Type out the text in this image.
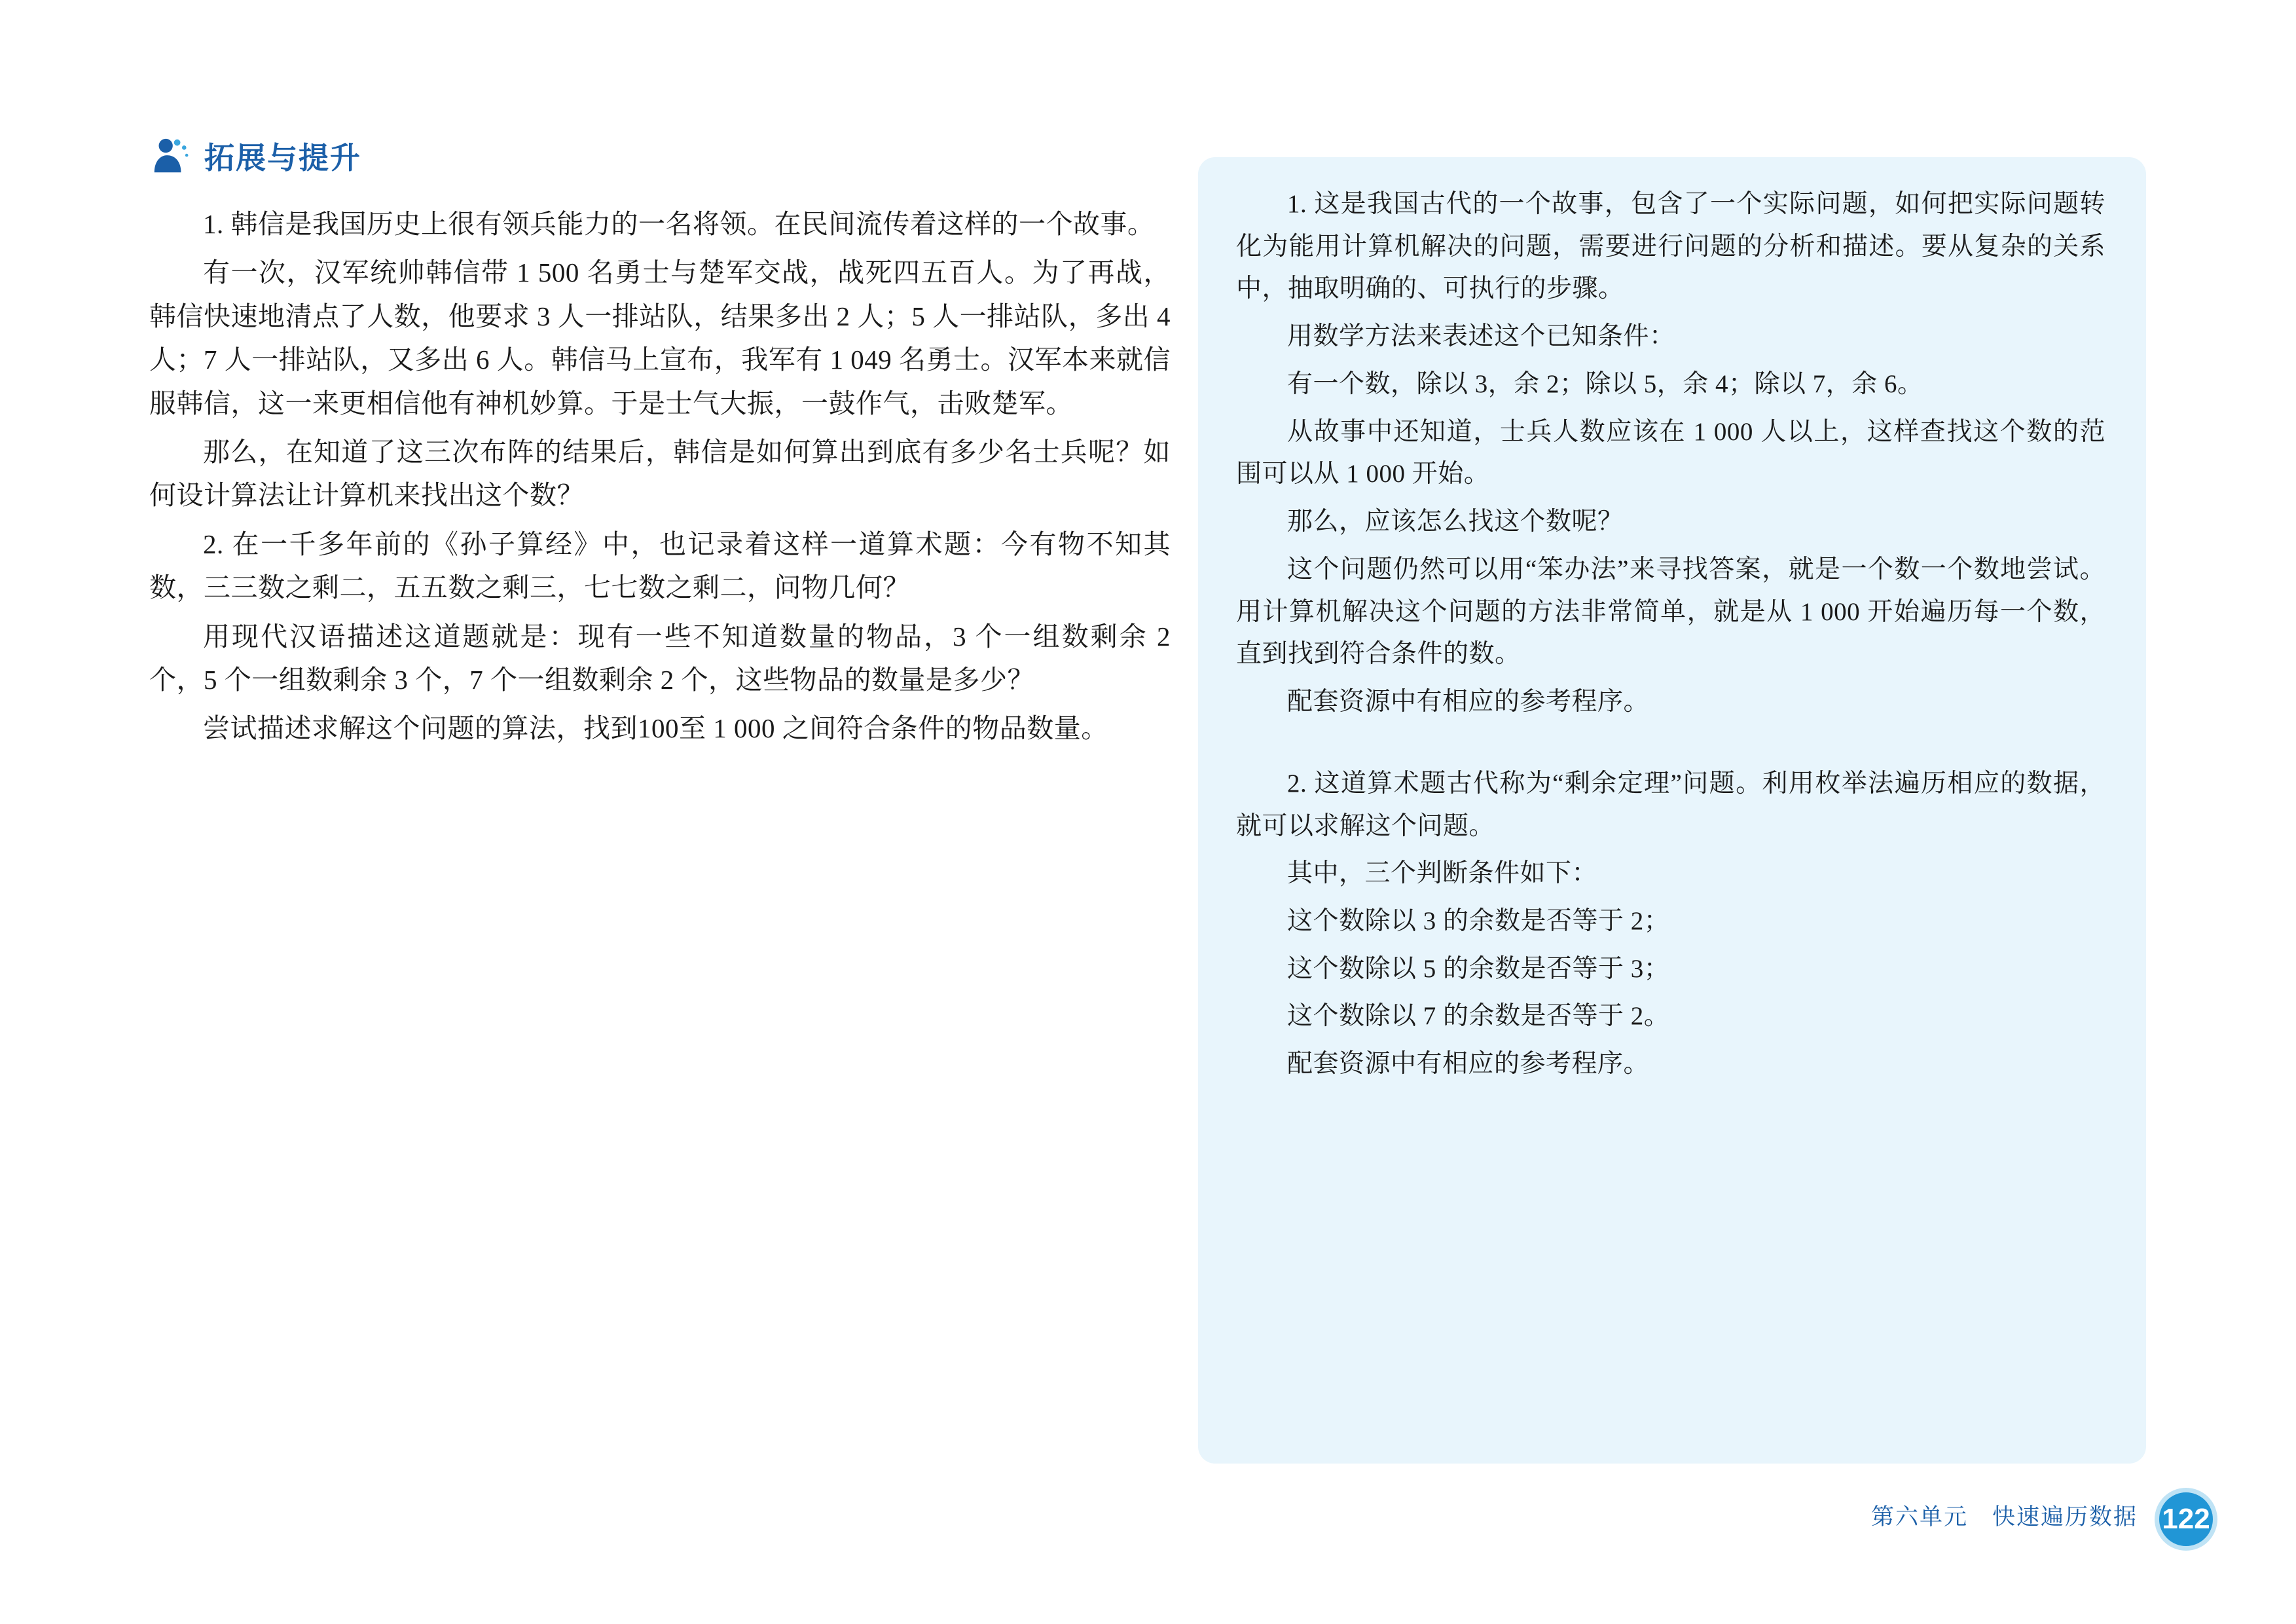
拓展与提升

1. 韩信是我国历史上很有领兵能力的一名将领。在民间流传着这样的一个故事。

有一次，汉军统帅韩信带 1 500 名勇士与楚军交战，战死四五百人。为了再战，韩信快速地清点了人数，他要求 3 人一排站队，结果多出 2 人；5 人一排站队，多出 4 人；7 人一排站队，又多出 6 人。韩信马上宣布，我军有 1 049 名勇士。汉军本来就信服韩信，这一来更相信他有神机妙算。于是士气大振，一鼓作气，击败楚军。

那么，在知道了这三次布阵的结果后，韩信是如何算出到底有多少名士兵呢？如何设计算法让计算机来找出这个数？

2. 在一千多年前的《孙子算经》中，也记录着这样一道算术题：今有物不知其数，三三数之剩二，五五数之剩三，七七数之剩二，问物几何？

用现代汉语描述这道题就是：现有一些不知道数量的物品，3 个一组数剩余 2 个，5 个一组数剩余 3 个，7 个一组数剩余 2 个，这些物品的数量是多少？

尝试描述求解这个问题的算法，找到100至 1 000 之间符合条件的物品数量。

1. 这是我国古代的一个故事，包含了一个实际问题，如何把实际问题转化为能用计算机解决的问题，需要进行问题的分析和描述。要从复杂的关系中，抽取明确的、可执行的步骤。

用数学方法来表述这个已知条件：

有一个数，除以 3，余 2；除以 5，余 4；除以 7，余 6。

从故事中还知道，士兵人数应该在 1 000 人以上，这样查找这个数的范围可以从 1 000 开始。

那么，应该怎么找这个数呢？

这个问题仍然可以用“笨办法”来寻找答案，就是一个数一个数地尝试。用计算机解决这个问题的方法非常简单，就是从 1 000 开始遍历每一个数，直到找到符合条件的数。

配套资源中有相应的参考程序。

2. 这道算术题古代称为“剩余定理”问题。利用枚举法遍历相应的数据，就可以求解这个问题。

其中，三个判断条件如下：

这个数除以 3 的余数是否等于 2；

这个数除以 5 的余数是否等于 3；

这个数除以 7 的余数是否等于 2。

配套资源中有相应的参考程序。

第六单元　快速遍历数据 122
